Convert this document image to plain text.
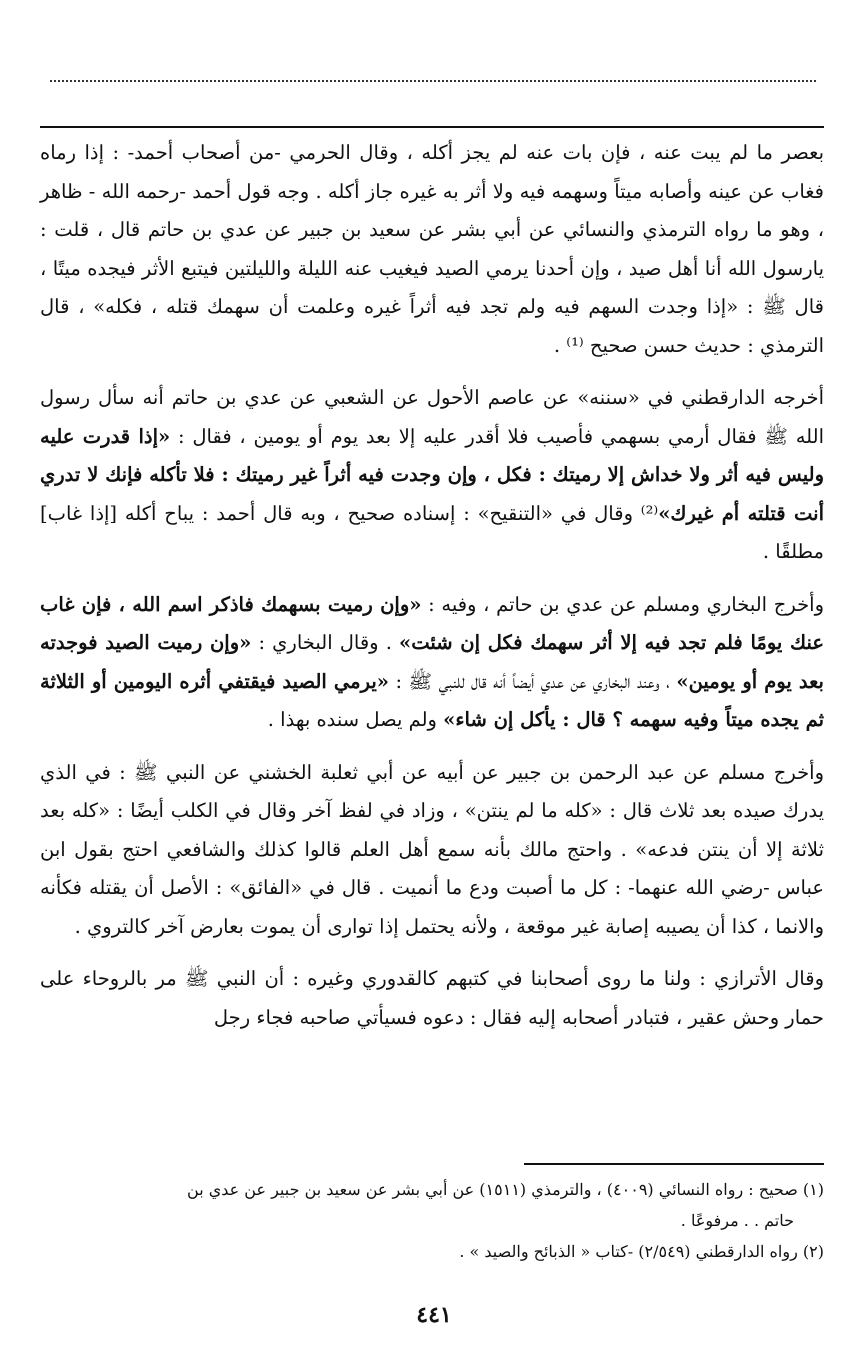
بعصر ما لم يبت عنه ، فإن بات عنه لم يجز أكله ، وقال الحرمي -من أصحاب أحمد- : إذا رماه فغاب عن عينه وأصابه ميتاً وسهمه فيه ولا أثر به غيره جاز أكله . وجه قول أحمد -رحمه الله - ظاهر ، وهو ما رواه الترمذي والنسائي عن أبي بشر عن سعيد بن جبير عن عدي بن حاتم قال ، قلت : يارسول الله أنا أهل صيد ، وإن أحدنا يرمي الصيد فيغيب عنه الليلة والليلتين فيتبع الأثر فيجده ميتًا ، قال ﷺ : «إذا وجدت السهم فيه ولم تجد فيه أثراً غيره وعلمت أن سهمك قتله ، فكله» ، قال الترمذي : حديث حسن صحيح ⁽¹⁾ .

أخرجه الدارقطني في «سننه» عن عاصم الأحول عن الشعبي عن عدي بن حاتم أنه سأل رسول الله ﷺ فقال أرمي بسهمي فأصيب فلا أقدر عليه إلا بعد يوم أو يومين ، فقال : «إذا قدرت عليه وليس فيه أثر ولا خداش إلا رميتك : فكل ، وإن وجدت فيه أثراً غير رميتك : فلا تأكله فإنك لا تدري أنت قتلته أم غيرك»⁽²⁾ وقال في «التنقيح» : إسناده صحيح ، وبه قال أحمد : يباح أكله [إذا غاب] مطلقًا .

وأخرج البخاري ومسلم عن عدي بن حاتم ، وفيه : «وإن رميت بسهمك فاذكر اسم الله ، فإن غاب عنك يومًا فلم تجد فيه إلا أثر سهمك فكل إن شئت» . وقال البخاري : «وإن رميت الصيد فوجدته بعد يوم أو يومين» ، وعند البخاري عن عدي أيضاً أنه قال للنبي ﷺ : «يرمي الصيد فيقتفي أثره اليومين أو الثلاثة ثم يجده ميتاً وفيه سهمه ؟ قال : يأكل إن شاء» ولم يصل سنده بهذا .

وأخرج مسلم عن عبد الرحمن بن جبير عن أبيه عن أبي ثعلبة الخشني عن النبي ﷺ : في الذي يدرك صيده بعد ثلاث قال : «كله ما لم ينتن» ، وزاد في لفظ آخر وقال في الكلب أيضًا : «كله بعد ثلاثة إلا أن ينتن فدعه» . واحتج مالك بأنه سمع أهل العلم قالوا كذلك والشافعي احتج بقول ابن عباس -رضي الله عنهما- : كل ما أصبت ودع ما أنميت . قال في «الفائق» : الأصل أن يقتله فكأنه والانما ، كذا أن يصيبه إصابة غير موقعة ، ولأنه يحتمل إذا توارى أن يموت بعارض آخر كالتروي .

وقال الأترازي : ولنا ما روى أصحابنا في كتبهم كالقدوري وغيره : أن النبي ﷺ مر بالروحاء على حمار وحش عقير ، فتبادر أصحابه إليه فقال : دعوه فسيأتي صاحبه فجاء رجل

(١) صحيح : رواه النسائي (٤٠٠٩) ، والترمذي (١٥١١) عن أبي بشر عن سعيد بن جبير عن عدي بن

حاتم . . مرفوعًا .

(٢) رواه الدارقطني (٢/٥٤٩) -كتاب « الذبائح والصيد » .

٤٤١
